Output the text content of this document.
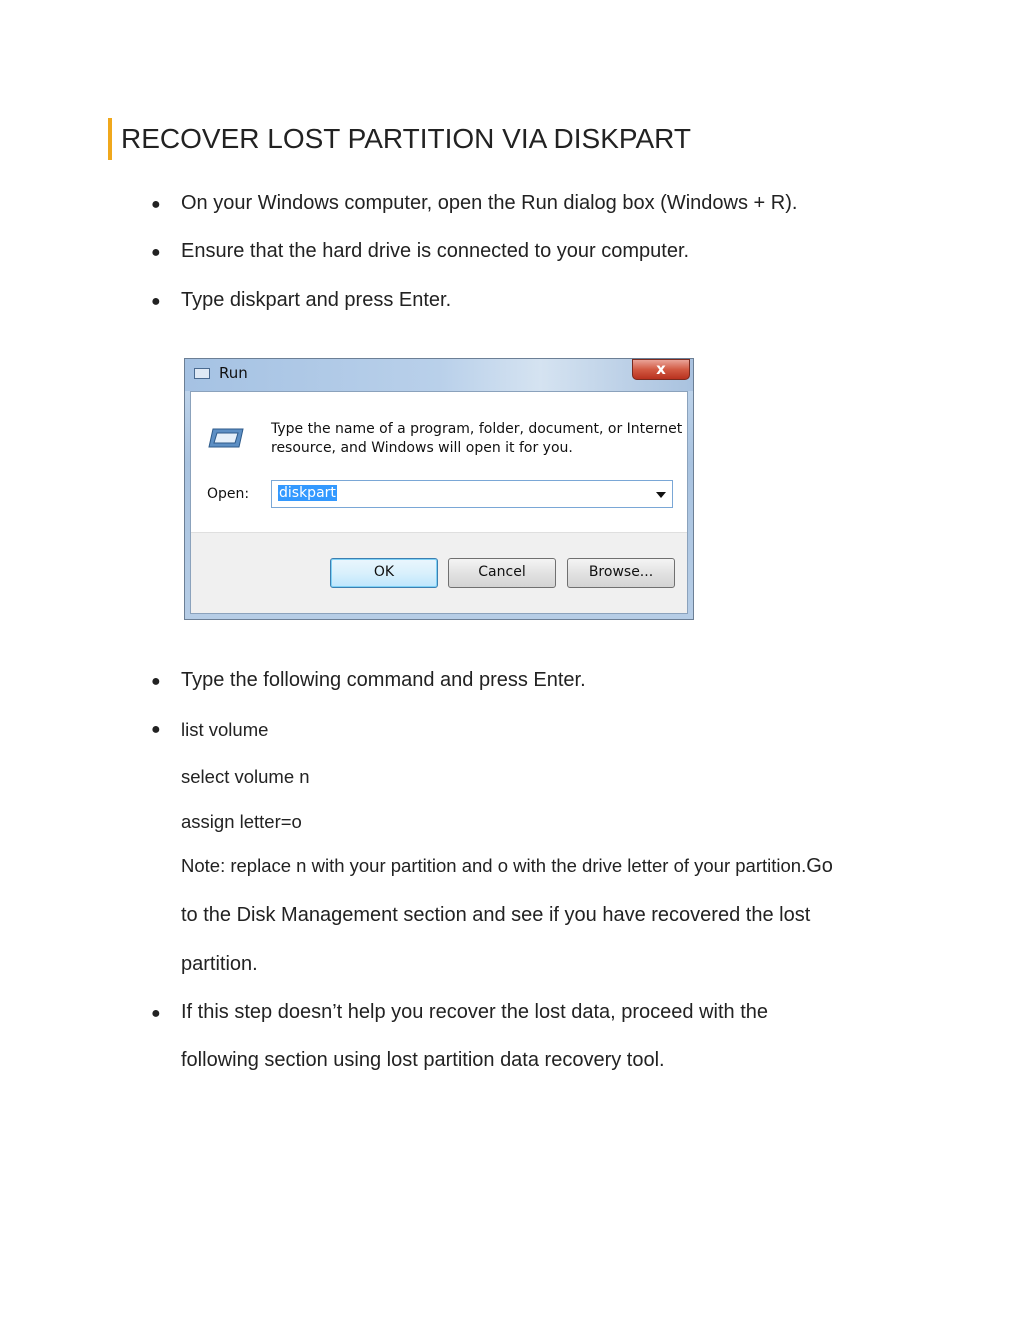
RECOVER LOST PARTITION VIA DISKPART
● On your Windows computer, open the Run dialog box (Windows + R).
● Ensure that the hard drive is connected to your computer.
● Type diskpart and press Enter.
Run	x
Type the name of a program, folder, document, or Internet
resource, and Windows will open it for you.
Open: diskpart
OK	Cancel	Browse...
● Type the following command and press Enter.
● list volume
select volume n
assign letter=o
Note: replace n with your partition and o with the drive letter of your partition.Go
to the Disk Management section and see if you have recovered the lost
partition.
● If this step doesn’t help you recover the lost data, proceed with the
following section using lost partition data recovery tool.
